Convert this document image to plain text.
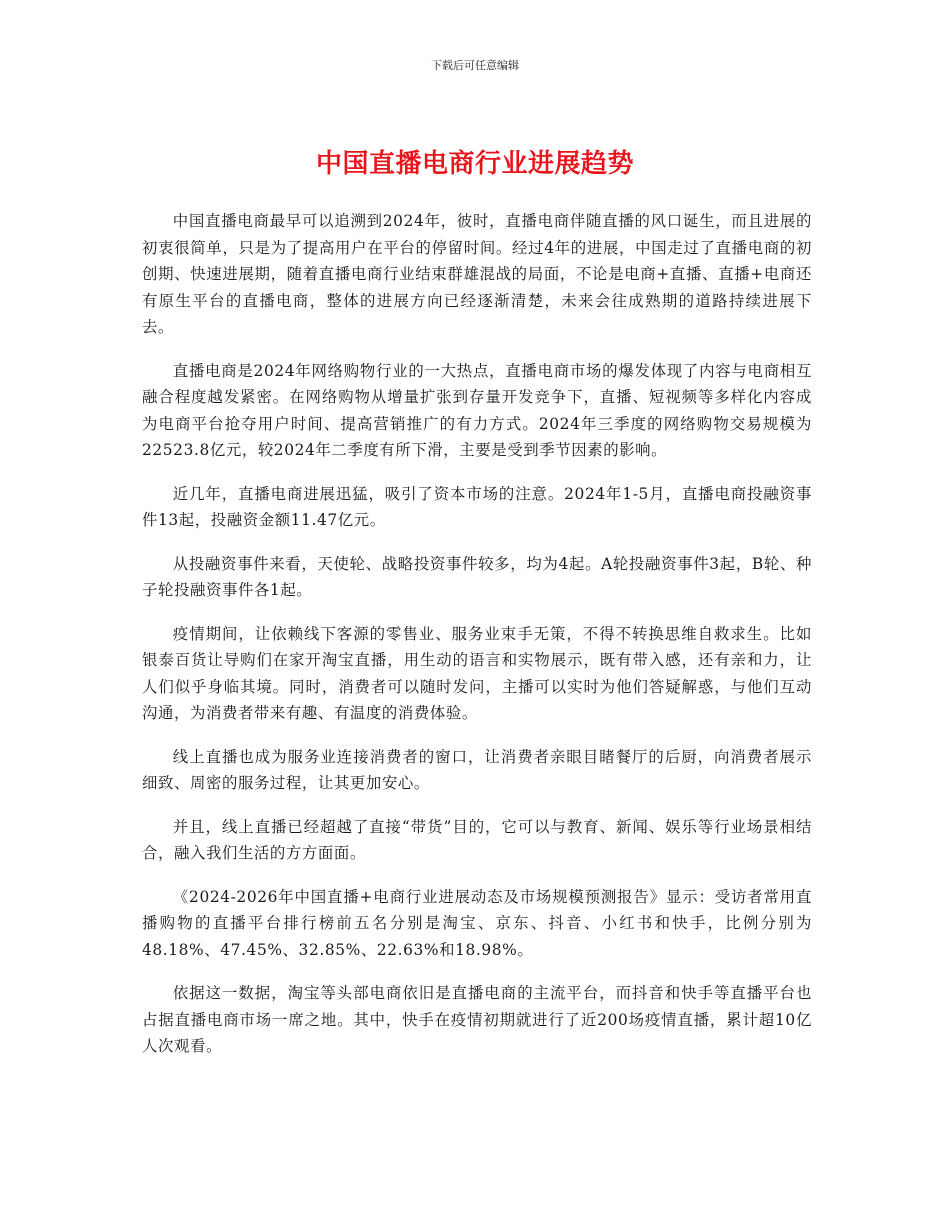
下载后可任意编辑
中国直播电商行业进展趋势

中国直播电商最早可以追溯到2024年，彼时，直播电商伴随直播的风口诞生，而且进展的初衷很简单，只是为了提高用户在平台的停留时间。经过4年的进展，中国走过了直播电商的初创期、快速进展期，随着直播电商行业结束群雄混战的局面，不论是电商+直播、直播+电商还有原生平台的直播电商，整体的进展方向已经逐渐清楚，未来会往成熟期的道路持续进展下去。

直播电商是2024年网络购物行业的一大热点，直播电商市场的爆发体现了内容与电商相互融合程度越发紧密。在网络购物从增量扩张到存量开发竞争下，直播、短视频等多样化内容成为电商平台抢夺用户时间、提高营销推广的有力方式。2024年三季度的网络购物交易规模为22523.8亿元，较2024年二季度有所下滑，主要是受到季节因素的影响。

近几年，直播电商进展迅猛，吸引了资本市场的注意。2024年1-5月，直播电商投融资事件13起，投融资金额11.47亿元。

从投融资事件来看，天使轮、战略投资事件较多，均为4起。A轮投融资事件3起，B轮、种子轮投融资事件各1起。

疫情期间，让依赖线下客源的零售业、服务业束手无策，不得不转换思维自救求生。比如银泰百货让导购们在家开淘宝直播，用生动的语言和实物展示，既有带入感，还有亲和力，让人们似乎身临其境。同时，消费者可以随时发问，主播可以实时为他们答疑解惑，与他们互动沟通，为消费者带来有趣、有温度的消费体验。

线上直播也成为服务业连接消费者的窗口，让消费者亲眼目睹餐厅的后厨，向消费者展示细致、周密的服务过程，让其更加安心。

并且，线上直播已经超越了直接“带货”目的，它可以与教育、新闻、娱乐等行业场景相结合，融入我们生活的方方面面。

《2024-2026年中国直播+电商行业进展动态及市场规模预测报告》显示：受访者常用直播购物的直播平台排行榜前五名分别是淘宝、京东、抖音、小红书和快手，比例分别为48.18%、47.45%、32.85%、22.63%和18.98%。

依据这一数据，淘宝等头部电商依旧是直播电商的主流平台，而抖音和快手等直播平台也占据直播电商市场一席之地。其中，快手在疫情初期就进行了近200场疫情直播，累计超10亿人次观看。
